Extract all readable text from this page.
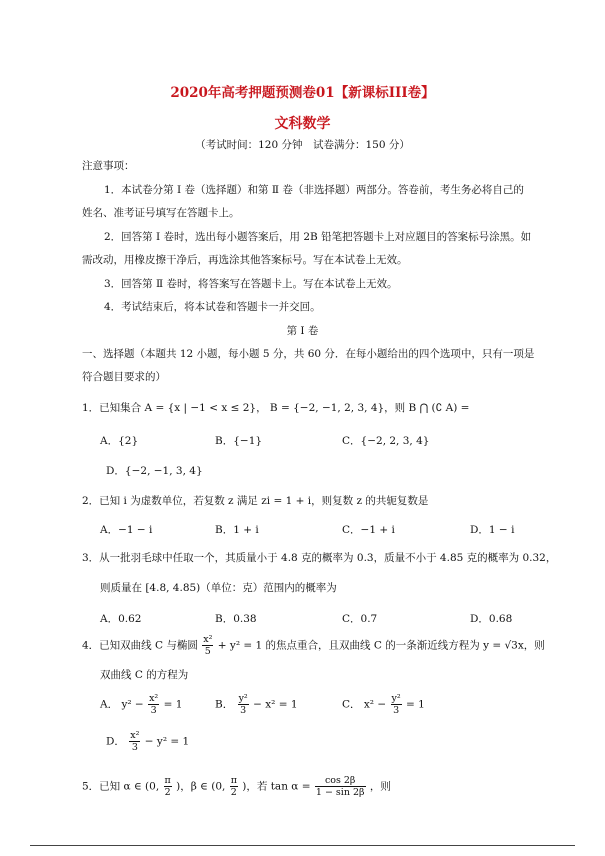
2020年高考押题预测卷01【新课标III卷】
文科数学
（考试时间：120 分钟　试卷满分：150 分）
注意事项：
1．本试卷分第 Ⅰ 卷（选择题）和第 Ⅱ 卷（非选择题）两部分。答卷前，考生务必将自己的
姓名、准考证号填写在答题卡上。
2．回答第 Ⅰ 卷时，选出每小题答案后，用 2B 铅笔把答题卡上对应题目的答案标号涂黑。如
需改动，用橡皮擦干净后，再选涂其他答案标号。写在本试卷上无效。
3．回答第 Ⅱ 卷时，将答案写在答题卡上。写在本试卷上无效。
4．考试结束后，将本试卷和答题卡一并交回。
第 Ⅰ 卷
一、选择题（本题共 12 小题，每小题 5 分，共 60 分．在每小题给出的四个选项中，只有一项是
符合题目要求的）
1．已知集合 A = {x | −1 < x ≤ 2}， B = {−2, −1, 2, 3, 4}，则 B ⋂ (∁ A) =
A．{2}	B．{−1}	C．{−2, 2, 3, 4}
D．{−2, −1, 3, 4}
2．已知 i 为虚数单位，若复数 z 满足 zi = 1 + i，则复数 z 的共轭复数是
A．−1 − i	B．1 + i	C．−1 + i	D．1 − i
3．从一批羽毛球中任取一个，其质量小于 4.8 克的概率为 0.3，质量不小于 4.85 克的概率为 0.32，
则质量在 [4.8, 4.85)（单位：克）范围内的概率为
A．0.62	B．0.38	C．0.7	D．0.68
4．已知双曲线 C 与椭圆 $\frac{\text{x²}}{5} + y^2 = 1$ 的焦点重合，且双曲线 C 的一条渐近线方程为 y = √3x，则
双曲线 C 的方程为
A． $y^2 - \frac{\text{x²}}{3} = 1$	B． $\frac{\text{y²}}{3} - x^2 = 1$	C． $x^2 - \frac{\text{y²}}{3} = 1$
D． $\frac{\text{x²}}{3} - y^2 = 1$
5．已知 α ∈ (0, $\frac{\pi}{2}$ )，β ∈ (0, $\frac{\pi}{2}$ )，若 $\tan \alpha = \frac{\cos 2\beta}{1 - \sin 2\beta}$ ，则
